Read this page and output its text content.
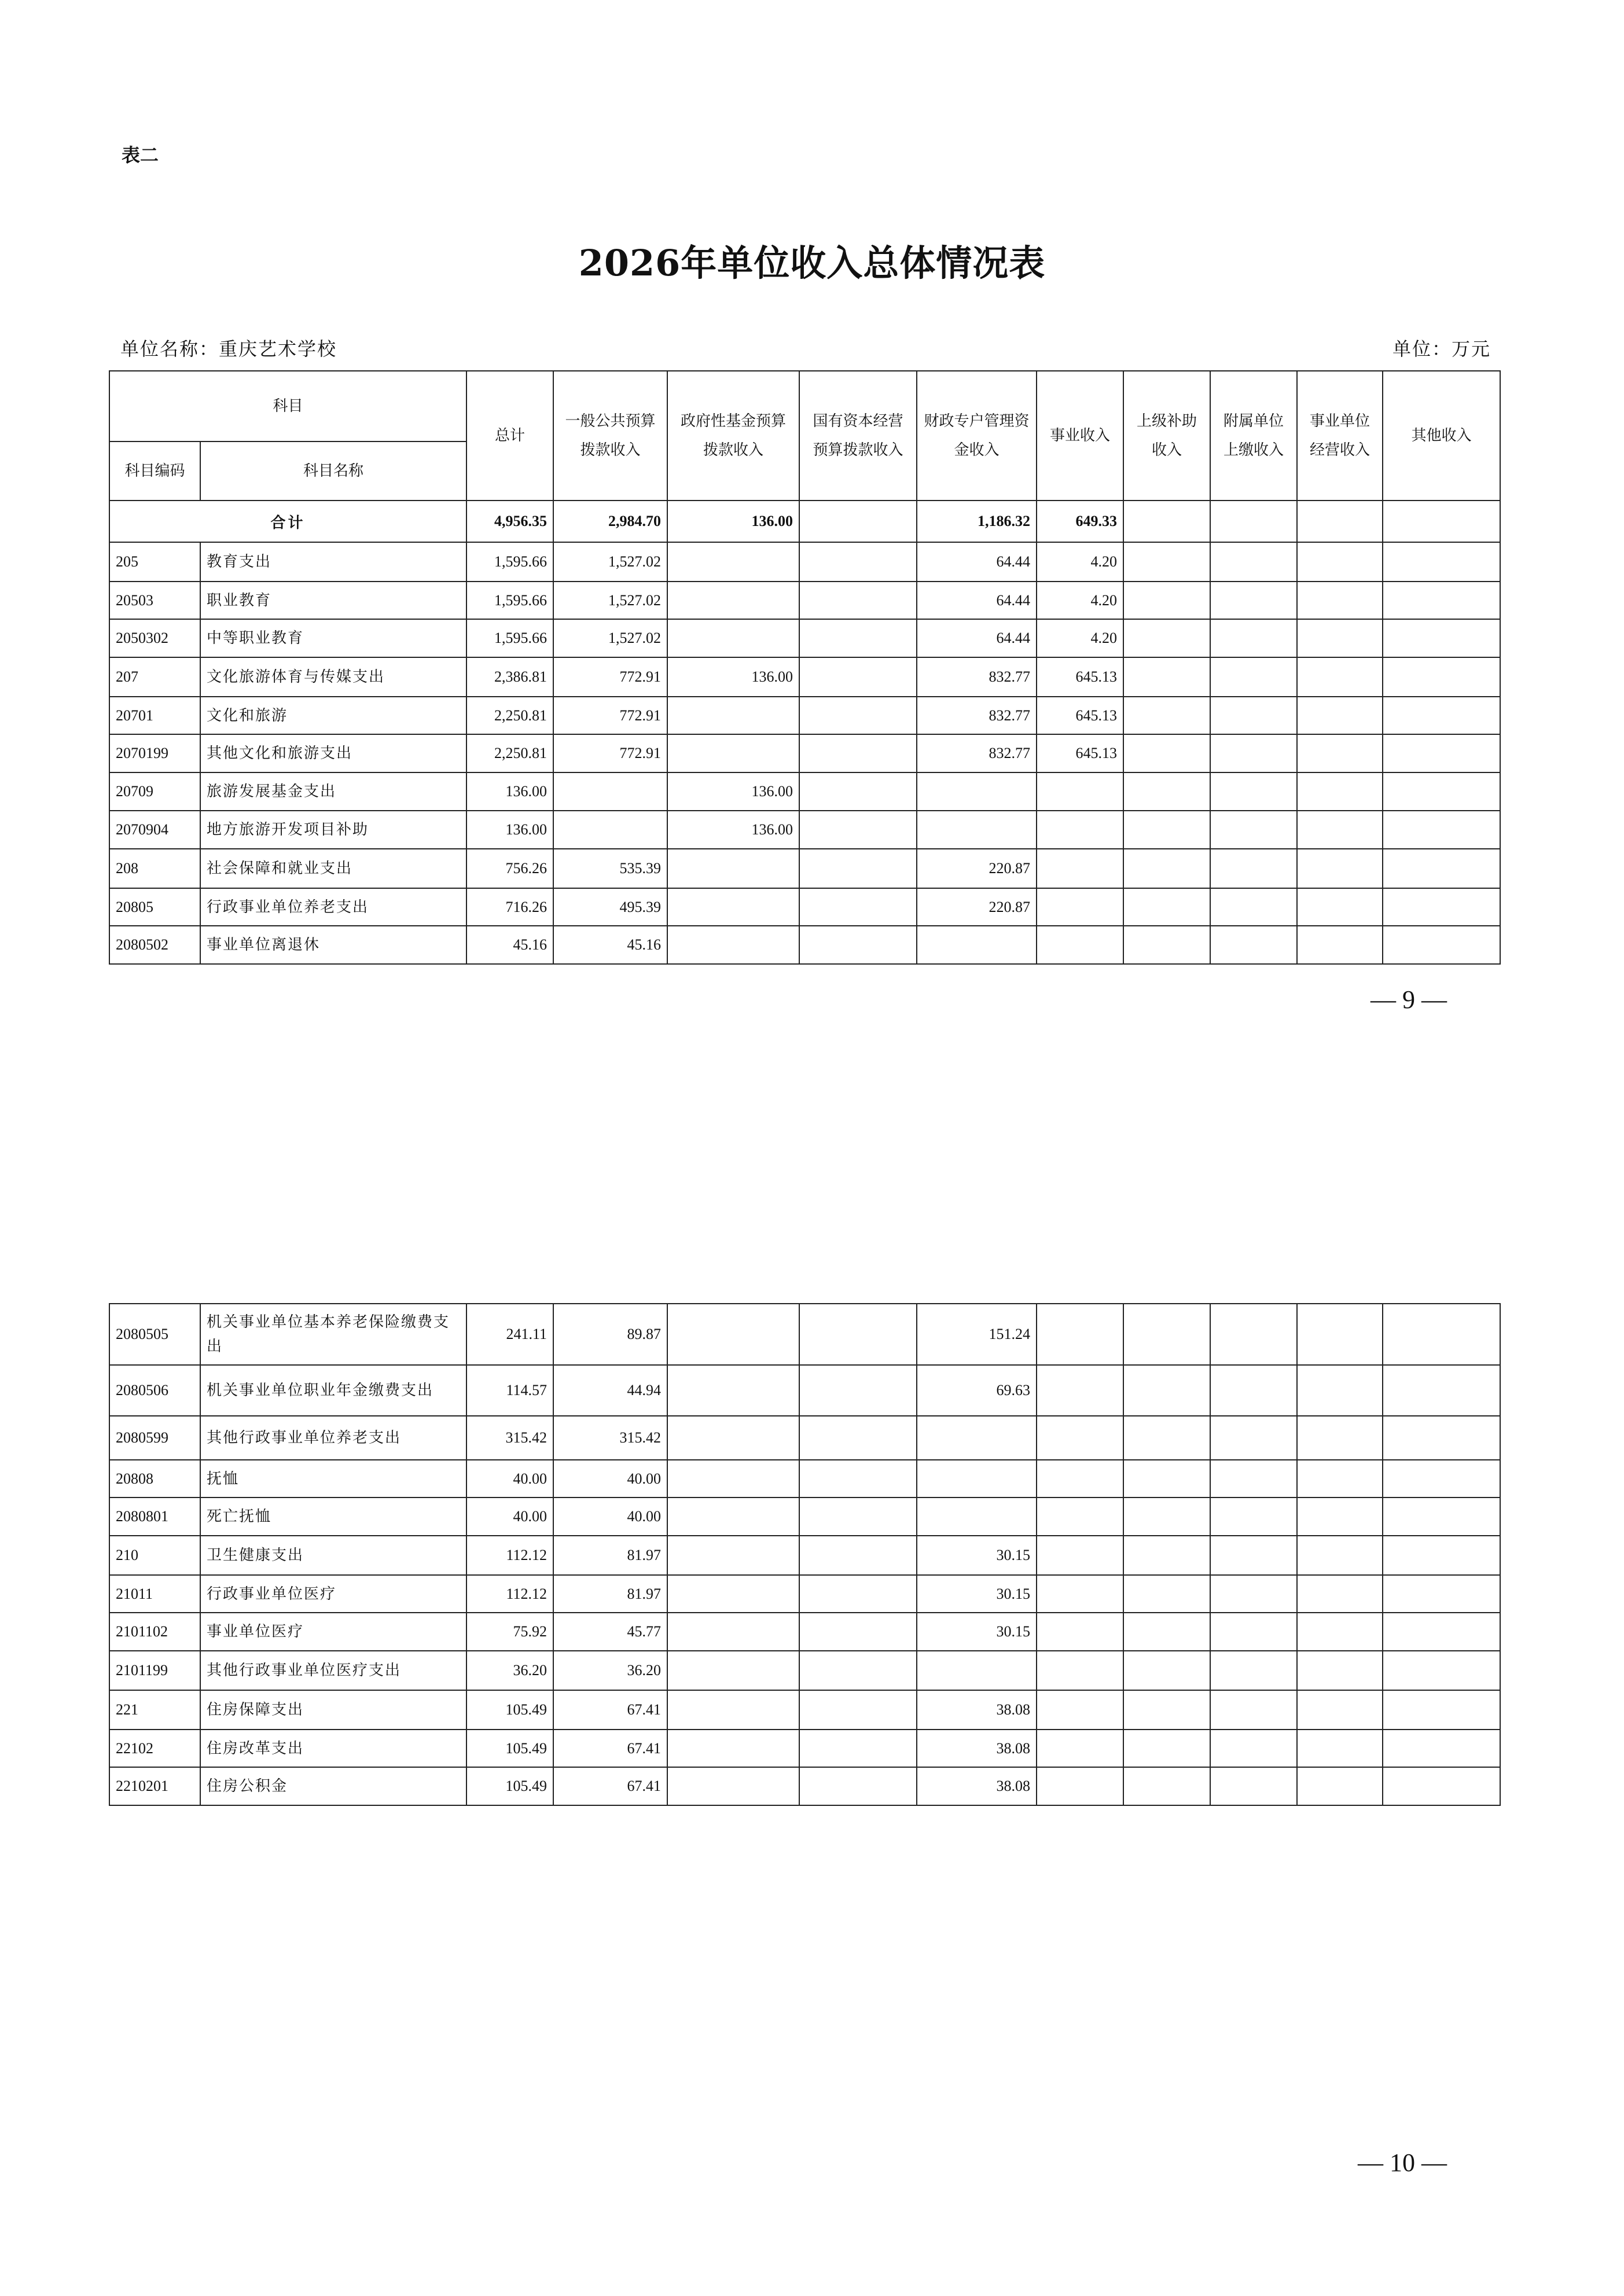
表二
2026年单位收入总体情况表
单位名称：重庆艺术学校	单位：万元
科目		总计	一般公共预算拨款收入	政府性基金预算拨款收入	国有资本经营预算拨款收入	财政专户管理资金收入	事业收入	上级补助收入	附属单位上缴收入	事业单位经营收入	其他收入
科目编码	科目名称										
合计		4,956.35	2,984.70	136.00		1,186.32	649.33				
205	教育支出	1,595.66	1,527.02			64.44	4.20				
20503	职业教育	1,595.66	1,527.02			64.44	4.20				
2050302	中等职业教育	1,595.66	1,527.02			64.44	4.20				
207	文化旅游体育与传媒支出	2,386.81	772.91	136.00		832.77	645.13				
20701	文化和旅游	2,250.81	772.91			832.77	645.13				
2070199	其他文化和旅游支出	2,250.81	772.91			832.77	645.13				
20709	旅游发展基金支出	136.00		136.00							
2070904	地方旅游开发项目补助	136.00		136.00							
208	社会保障和就业支出	756.26	535.39			220.87					
20805	行政事业单位养老支出	716.26	495.39			220.87					
2080502	事业单位离退休	45.16	45.16								
2080505	机关事业单位基本养老保险缴费支出	241.11	89.87			151.24					
2080506	机关事业单位职业年金缴费支出	114.57	44.94			69.63					
2080599	其他行政事业单位养老支出	315.42	315.42								
20808	抚恤	40.00	40.00								
2080801	死亡抚恤	40.00	40.00								
210	卫生健康支出	112.12	81.97			30.15					
21011	行政事业单位医疗	112.12	81.97			30.15					
2101102	事业单位医疗	75.92	45.77			30.15					
2101199	其他行政事业单位医疗支出	36.20	36.20								
221	住房保障支出	105.49	67.41			38.08					
22102	住房改革支出	105.49	67.41			38.08					
2210201	住房公积金	105.49	67.41			38.08					
— 9 —
— 10 —
